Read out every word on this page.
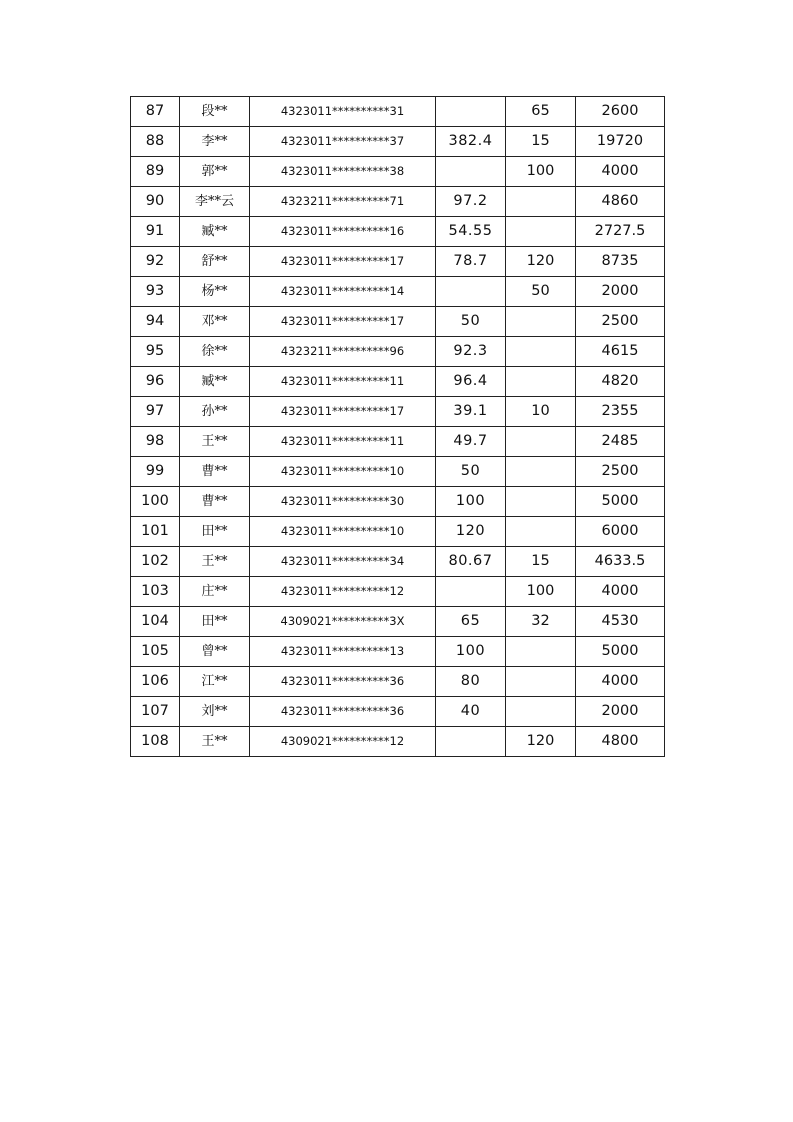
87	段**	4323011**********31		65	2600
88	李**	4323011**********37	382.4	15	19720
89	郭**	4323011**********38		100	4000
90	李**云	4323211**********71	97.2		4860
91	臧**	4323011**********16	54.55		2727.5
92	舒**	4323011**********17	78.7	120	8735
93	杨**	4323011**********14		50	2000
94	邓**	4323011**********17	50		2500
95	徐**	4323211**********96	92.3		4615
96	臧**	4323011**********11	96.4		4820
97	孙**	4323011**********17	39.1	10	2355
98	王**	4323011**********11	49.7		2485
99	曹**	4323011**********10	50		2500
100	曹**	4323011**********30	100		5000
101	田**	4323011**********10	120		6000
102	王**	4323011**********34	80.67	15	4633.5
103	庄**	4323011**********12		100	4000
104	田**	4309021**********3X	65	32	4530
105	曾**	4323011**********13	100		5000
106	江**	4323011**********36	80		4000
107	刘**	4323011**********36	40		2000
108	王**	4309021**********12		120	4800
